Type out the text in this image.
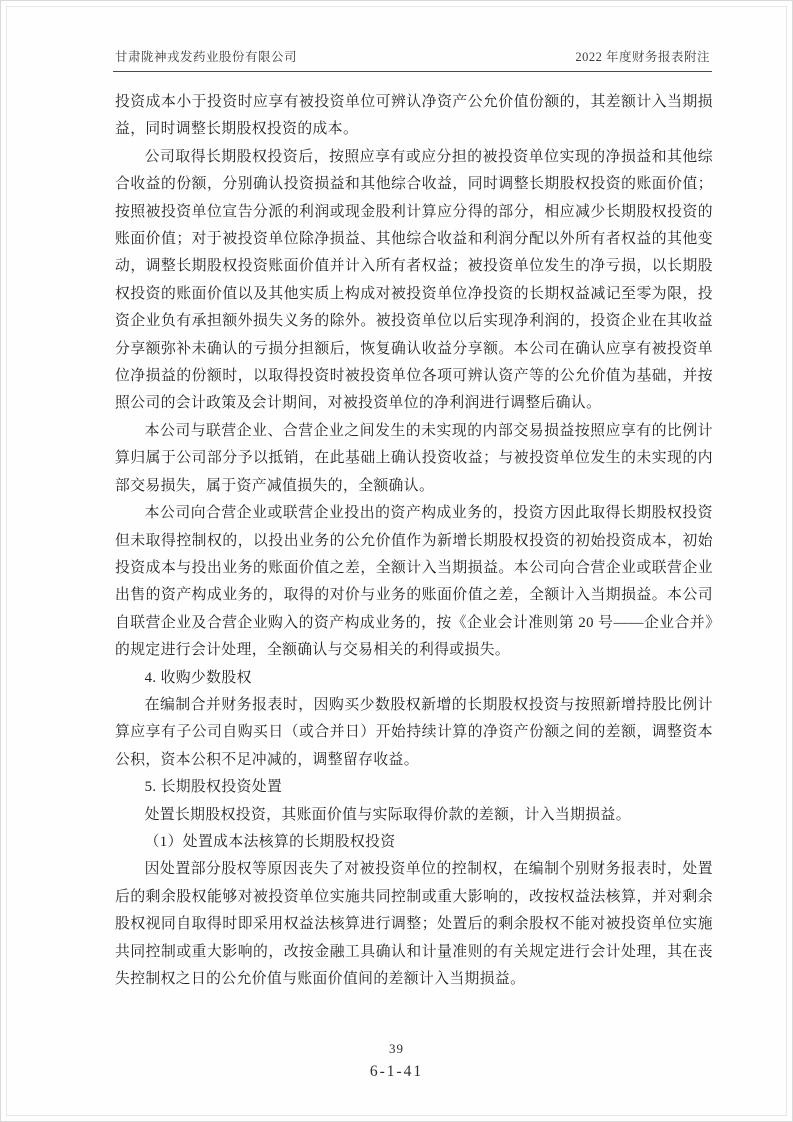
甘肃陇神戎发药业股份有限公司	2022 年度财务报表附注

投资成本小于投资时应享有被投资单位可辨认净资产公允价值份额的，其差额计入当期损益，同时调整长期股权投资的成本。

公司取得长期股权投资后，按照应享有或应分担的被投资单位实现的净损益和其他综合收益的份额，分别确认投资损益和其他综合收益，同时调整长期股权投资的账面价值；按照被投资单位宣告分派的利润或现金股利计算应分得的部分，相应减少长期股权投资的账面价值；对于被投资单位除净损益、其他综合收益和利润分配以外所有者权益的其他变动，调整长期股权投资账面价值并计入所有者权益；被投资单位发生的净亏损，以长期股权投资的账面价值以及其他实质上构成对被投资单位净投资的长期权益减记至零为限，投资企业负有承担额外损失义务的除外。被投资单位以后实现净利润的，投资企业在其收益分享额弥补未确认的亏损分担额后，恢复确认收益分享额。本公司在确认应享有被投资单位净损益的份额时，以取得投资时被投资单位各项可辨认资产等的公允价值为基础，并按照公司的会计政策及会计期间，对被投资单位的净利润进行调整后确认。

本公司与联营企业、合营企业之间发生的未实现的内部交易损益按照应享有的比例计算归属于公司部分予以抵销，在此基础上确认投资收益；与被投资单位发生的未实现的内部交易损失，属于资产减值损失的，全额确认。

本公司向合营企业或联营企业投出的资产构成业务的，投资方因此取得长期股权投资但未取得控制权的，以投出业务的公允价值作为新增长期股权投资的初始投资成本，初始投资成本与投出业务的账面价值之差，全额计入当期损益。本公司向合营企业或联营企业出售的资产构成业务的，取得的对价与业务的账面价值之差，全额计入当期损益。本公司自联营企业及合营企业购入的资产构成业务的，按《企业会计准则第 20 号——企业合并》的规定进行会计处理，全额确认与交易相关的利得或损失。

4. 收购少数股权

在编制合并财务报表时，因购买少数股权新增的长期股权投资与按照新增持股比例计算应享有子公司自购买日（或合并日）开始持续计算的净资产份额之间的差额，调整资本公积，资本公积不足冲减的，调整留存收益。

5. 长期股权投资处置

处置长期股权投资，其账面价值与实际取得价款的差额，计入当期损益。

（1）处置成本法核算的长期股权投资

因处置部分股权等原因丧失了对被投资单位的控制权，在编制个别财务报表时，处置后的剩余股权能够对被投资单位实施共同控制或重大影响的，改按权益法核算，并对剩余股权视同自取得时即采用权益法核算进行调整；处置后的剩余股权不能对被投资单位实施共同控制或重大影响的，改按金融工具确认和计量准则的有关规定进行会计处理，其在丧失控制权之日的公允价值与账面价值间的差额计入当期损益。

39
6-1-41
